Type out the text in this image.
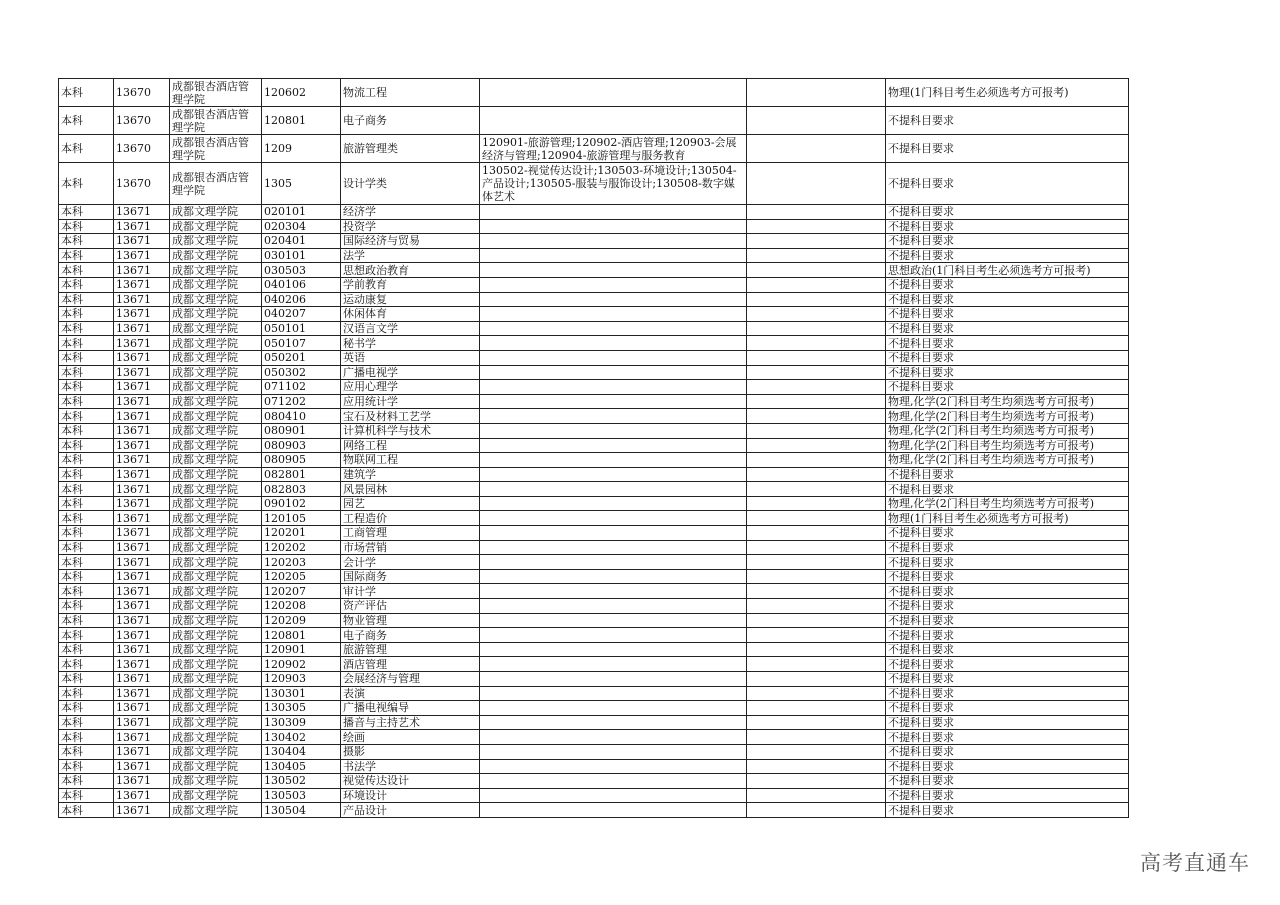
本科	13670	成都银杏酒店管理学院	120602	物流工程			物理(1门科目考生必须选考方可报考)
本科	13670	成都银杏酒店管理学院	120801	电子商务			不提科目要求
本科	13670	成都银杏酒店管理学院	1209	旅游管理类	120901-旅游管理;120902-酒店管理;120903-会展经济与管理;120904-旅游管理与服务教育		不提科目要求
本科	13670	成都银杏酒店管理学院	1305	设计学类	130502-视觉传达设计;130503-环境设计;130504-产品设计;130505-服装与服饰设计;130508-数字媒体艺术		不提科目要求
本科	13671	成都文理学院	020101	经济学			不提科目要求
本科	13671	成都文理学院	020304	投资学			不提科目要求
本科	13671	成都文理学院	020401	国际经济与贸易			不提科目要求
本科	13671	成都文理学院	030101	法学			不提科目要求
本科	13671	成都文理学院	030503	思想政治教育			思想政治(1门科目考生必须选考方可报考)
本科	13671	成都文理学院	040106	学前教育			不提科目要求
本科	13671	成都文理学院	040206	运动康复			不提科目要求
本科	13671	成都文理学院	040207	休闲体育			不提科目要求
本科	13671	成都文理学院	050101	汉语言文学			不提科目要求
本科	13671	成都文理学院	050107	秘书学			不提科目要求
本科	13671	成都文理学院	050201	英语			不提科目要求
本科	13671	成都文理学院	050302	广播电视学			不提科目要求
本科	13671	成都文理学院	071102	应用心理学			不提科目要求
本科	13671	成都文理学院	071202	应用统计学			物理,化学(2门科目考生均须选考方可报考)
本科	13671	成都文理学院	080410	宝石及材料工艺学			物理,化学(2门科目考生均须选考方可报考)
本科	13671	成都文理学院	080901	计算机科学与技术			物理,化学(2门科目考生均须选考方可报考)
本科	13671	成都文理学院	080903	网络工程			物理,化学(2门科目考生均须选考方可报考)
本科	13671	成都文理学院	080905	物联网工程			物理,化学(2门科目考生均须选考方可报考)
本科	13671	成都文理学院	082801	建筑学			不提科目要求
本科	13671	成都文理学院	082803	风景园林			不提科目要求
本科	13671	成都文理学院	090102	园艺			物理,化学(2门科目考生均须选考方可报考)
本科	13671	成都文理学院	120105	工程造价			物理(1门科目考生必须选考方可报考)
本科	13671	成都文理学院	120201	工商管理			不提科目要求
本科	13671	成都文理学院	120202	市场营销			不提科目要求
本科	13671	成都文理学院	120203	会计学			不提科目要求
本科	13671	成都文理学院	120205	国际商务			不提科目要求
本科	13671	成都文理学院	120207	审计学			不提科目要求
本科	13671	成都文理学院	120208	资产评估			不提科目要求
本科	13671	成都文理学院	120209	物业管理			不提科目要求
本科	13671	成都文理学院	120801	电子商务			不提科目要求
本科	13671	成都文理学院	120901	旅游管理			不提科目要求
本科	13671	成都文理学院	120902	酒店管理			不提科目要求
本科	13671	成都文理学院	120903	会展经济与管理			不提科目要求
本科	13671	成都文理学院	130301	表演			不提科目要求
本科	13671	成都文理学院	130305	广播电视编导			不提科目要求
本科	13671	成都文理学院	130309	播音与主持艺术			不提科目要求
本科	13671	成都文理学院	130402	绘画			不提科目要求
本科	13671	成都文理学院	130404	摄影			不提科目要求
本科	13671	成都文理学院	130405	书法学			不提科目要求
本科	13671	成都文理学院	130502	视觉传达设计			不提科目要求
本科	13671	成都文理学院	130503	环境设计			不提科目要求
本科	13671	成都文理学院	130504	产品设计			不提科目要求
高考直通车
